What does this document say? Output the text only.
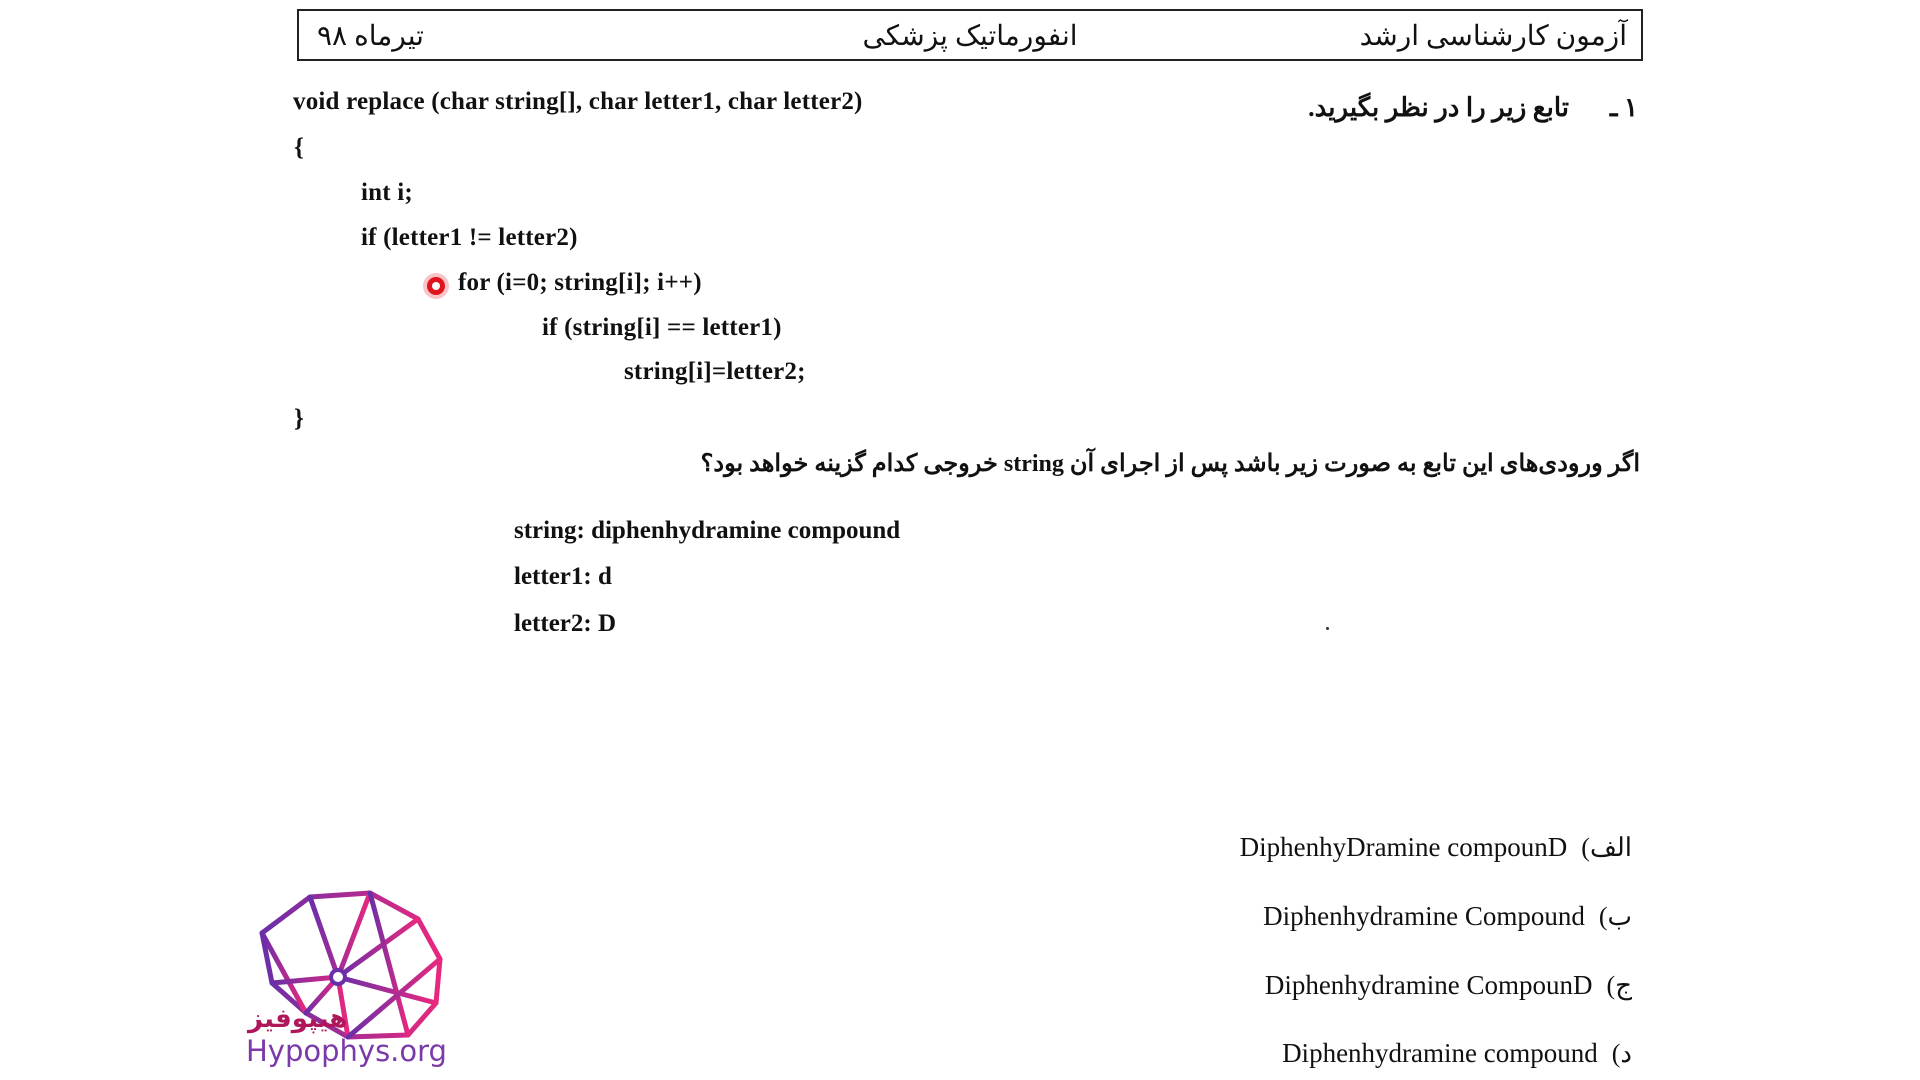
تیرماه ۹۸	انفورماتیک پزشکی	آزمون کارشناسی ارشد
۱ ـ
تابع زیر را در نظر بگیرید.
void replace (char string[], char letter1, char letter2)
{
int i;
if (letter1 != letter2)
for (i=0; string[i]; i++)
if (string[i] == letter1)
string[i]=letter2;
}
اگر ورودی‌های این تابع به صورت زیر باشد پس از اجرای آن string خروجی کدام گزینه خواهد بود؟
string: diphenhydramine compound
letter1: d
letter2: D
DiphenhyDramine compounD الف)
Diphenhydramine Compound ب)
Diphenhydramine CompounD ج)
Diphenhydramine compound د)
هیپوفیز
Hypophys.org
